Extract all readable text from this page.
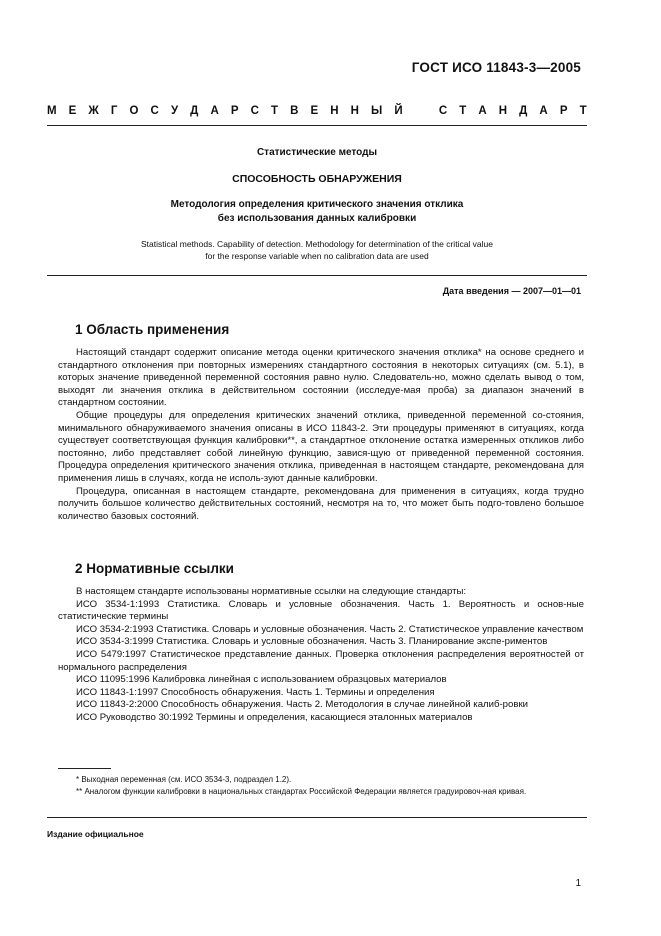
ГОСТ ИСО 11843-3—2005
М Е Ж Г О С У Д А Р С Т В Е Н Н Ы Й	С Т А Н Д А Р Т
Статистические методы
СПОСОБНОСТЬ ОБНАРУЖЕНИЯ
Методология определения критического значения отклика
без использования данных калибровки
Statistical methods. Capability of detection. Methodology for determination of the critical value
for the response variable when no calibration data are used
Дата введения — 2007—01—01
1 Область применения

Настоящий стандарт содержит описание метода оценки критического значения отклика* на основе среднего и стандартного отклонения при повторных измерениях стандартного состояния в некоторых ситуациях (см. 5.1), в которых значение приведенной переменной состояния равно нулю. Следователь-но, можно сделать вывод о том, выходят ли значения отклика в действительном состоянии (исследуе-мая проба) за диапазон значений в стандартном состоянии.

Общие процедуры для определения критических значений отклика, приведенной переменной со-стояния, минимального обнаруживаемого значения описаны в ИСО 11843-2. Эти процедуры применяют в ситуациях, когда существует соответствующая функция калибровки**, а стандартное отклонение остатка измеренных откликов либо постоянно, либо представляет собой линейную функцию, завися-щую от приведенной переменной состояния. Процедура определения критического значения отклика, приведенная в настоящем стандарте, рекомендована для применения лишь в случаях, когда не исполь-зуют данные калибровки.

Процедура, описанная в настоящем стандарте, рекомендована для применения в ситуациях, когда трудно получить большое количество действительных состояний, несмотря на то, что может быть подго-товлено большое количество базовых состояний.

2 Нормативные ссылки

В настоящем стандарте использованы нормативные ссылки на следующие стандарты:

ИСО 3534-1:1993 Статистика. Словарь и условные обозначения. Часть 1. Вероятность и основ-ные статистические термины

ИСО 3534-2:1993 Статистика. Словарь и условные обозначения. Часть 2. Статистическое управление качеством

ИСО 3534-3:1999 Статистика. Словарь и условные обозначения. Часть 3. Планирование экспе-риментов

ИСО 5479:1997 Статистическое представление данных. Проверка отклонения распределения вероятностей от нормального распределения

ИСО 11095:1996 Калибровка линейная с использованием образцовых материалов

ИСО 11843-1:1997 Способность обнаружения. Часть 1. Термины и определения

ИСО 11843-2:2000 Способность обнаружения. Часть 2. Методология в случае линейной калиб-ровки

ИСО Руководство 30:1992 Термины и определения, касающиеся эталонных материалов

* Выходная переменная (см. ИСО 3534-3, подраздел 1.2).

** Аналогом функции калибровки в национальных стандартах Российской Федерации является градуировоч-ная кривая.

Издание официальное
1
